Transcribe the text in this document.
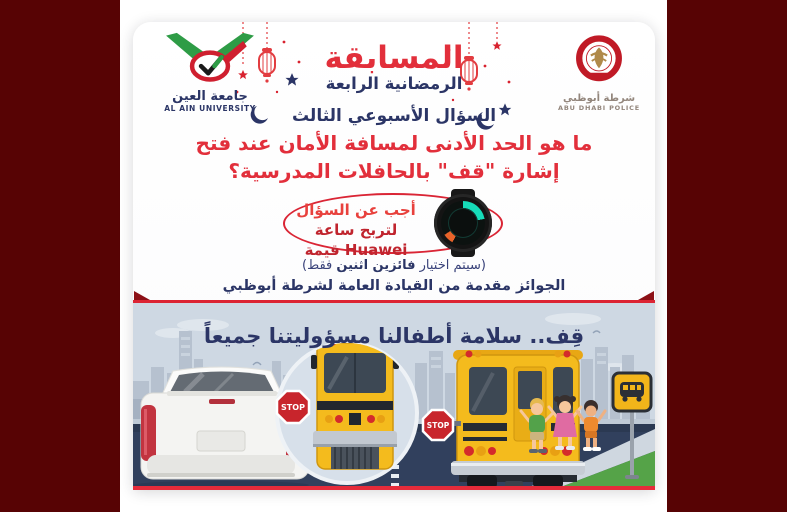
جامعة العين
AL AIN UNIVERSITY
المسابقة
الرمضانية الرابعة
شرطة أبوظبي
ABU DHABI POLICE
السؤال الأسبوعي الثالث
ما هو الحد الأدنى لمسافة الأمان عند فتح
إشارة "قف" بالحافلات المدرسية؟
أجب عن السؤال
لتربح ساعة Huawei قيمة
(سيتم اختيار فائزين اثنين فقط)
الجوائز مقدمة من القيادة العامة لشرطة أبوظبي
STOP
STOP
قِف.. سلامة أطفالنا مسؤوليتنا جميعاً
